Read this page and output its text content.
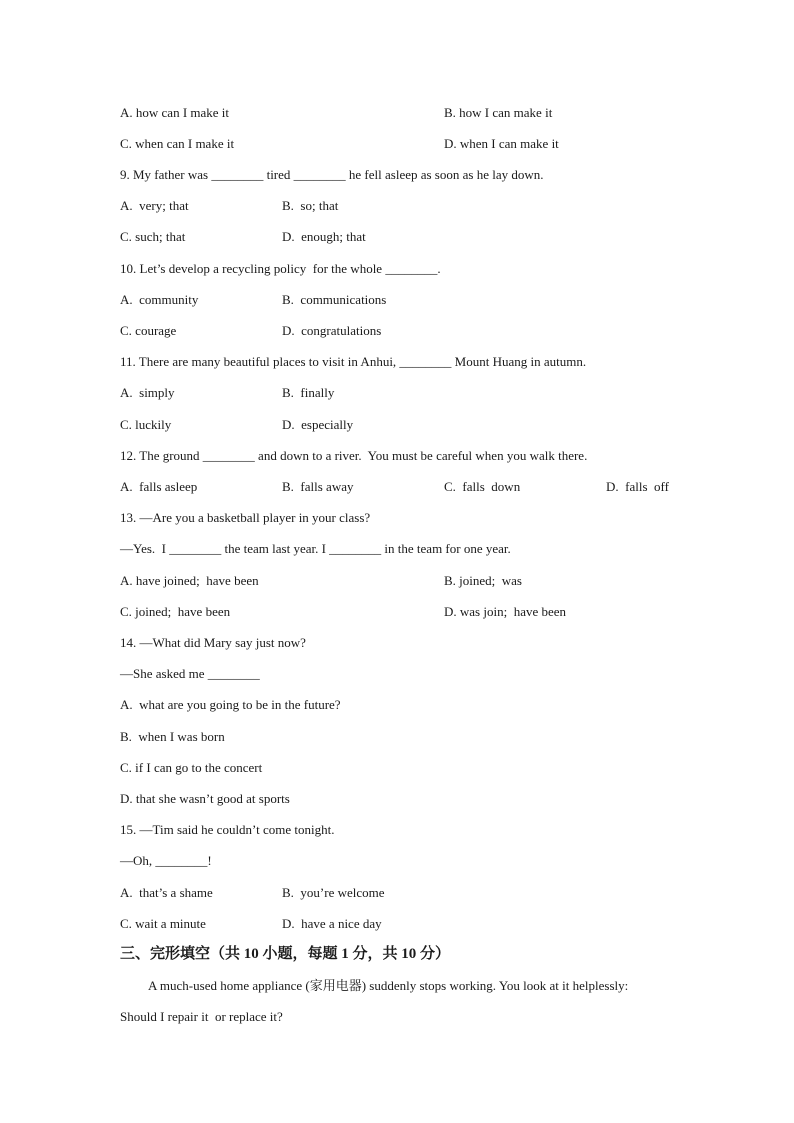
A. how can I make it	B. how I can make it
C. when can I make it	D. when I can make it
9. My father was ________ tired ________ he fell asleep as soon as he lay down.
A.  very; that	B.  so; that
C. such; that	D.  enough; that
10. Let’s develop a recycling policy  for the whole ________.
A.  community	B.  communications
C. courage	D.  congratulations
11. There are many beautiful places to visit in Anhui, ________ Mount Huang in autumn.
A.  simply	B.  finally
C. luckily	D.  especially
12. The ground ________ and down to a river.  You must be careful when you walk there.
A.  falls asleep	B.  falls away	C.  falls  down	D.  falls  off
13. —Are you a basketball player in your class?
—Yes.  I ________ the team last year. I ________ in the team for one year.
A. have joined;  have been	B. joined;  was
C. joined;  have been	D. was join;  have been
14. —What did Mary say just now?
—She asked me ________
A.  what are you going to be in the future?
B.  when I was born
C. if I can go to the concert
D. that she wasn’t good at sports
15. —Tim said he couldn’t come tonight.
—Oh, ________!
A.  that’s a shame	B.  you’re welcome
C. wait a minute	D.  have a nice day
三、完形填空（共 10 小题，每题 1 分，共 10 分）
A much-used home appliance (家用电器) suddenly stops working. You look at it helplessly:
Should I repair it  or replace it?
